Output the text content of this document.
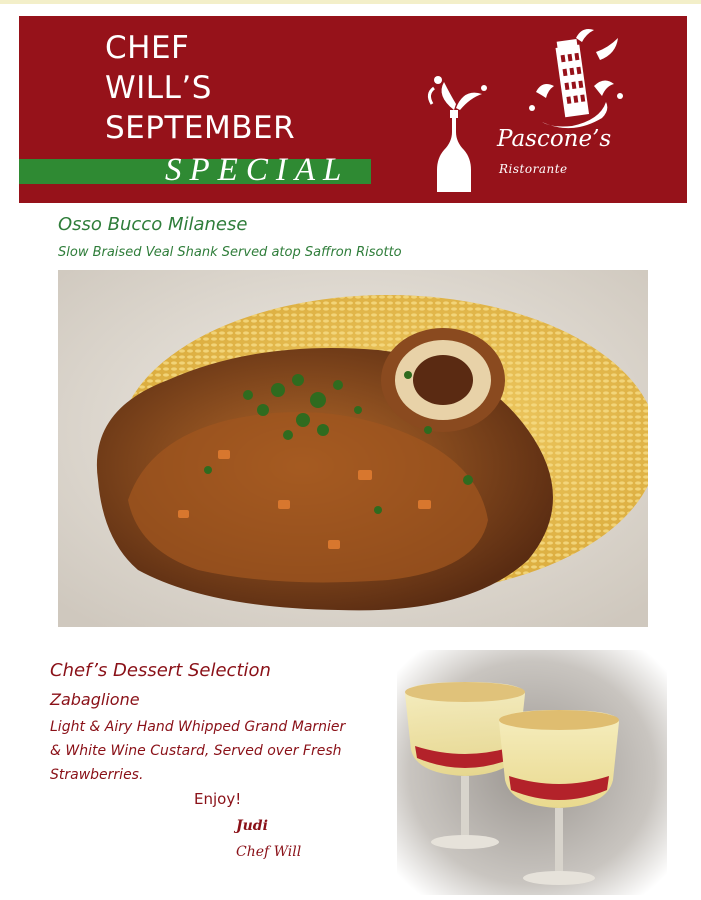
CHEF
WILL’S
SEPTEMBER
SPECIAL
Pascone’s
Ristorante
Osso Bucco Milanese
Slow Braised Veal Shank Served atop Saffron Risotto
Chef’s Dessert Selection
Zabaglione
Light & Airy Hand Whipped Grand Marnier
& White Wine Custard, Served over Fresh
Strawberries.
Enjoy!
Judi
Chef Will
